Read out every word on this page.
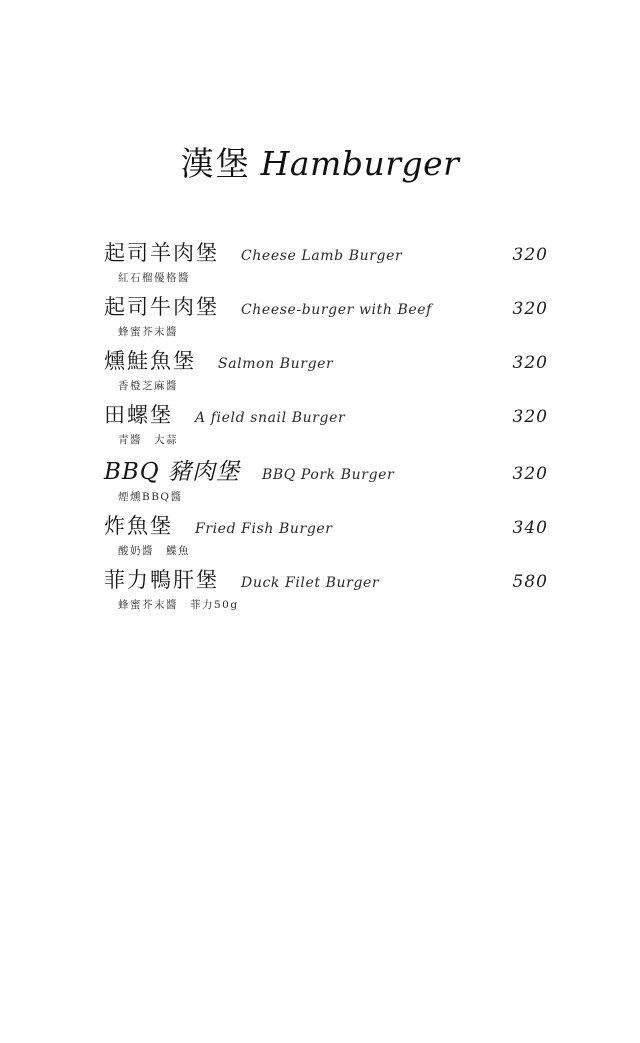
漢堡 Hamburger
起司羊肉堡 Cheese Lamb Burger	320
紅石榴優格醬
起司牛肉堡 Cheese-burger with Beef	320
蜂蜜芥末醬
燻鮭魚堡 Salmon Burger	320
香橙芝麻醬
田螺堡 A field snail Burger	320
青醬 大蒜
BBQ 豬肉堡 BBQ Pork Burger	320
煙燻BBQ醬
炸魚堡 Fried Fish Burger	340
酸奶醬 鰈魚
菲力鴨肝堡 Duck Filet Burger	580
蜂蜜芥末醬 菲力50g
